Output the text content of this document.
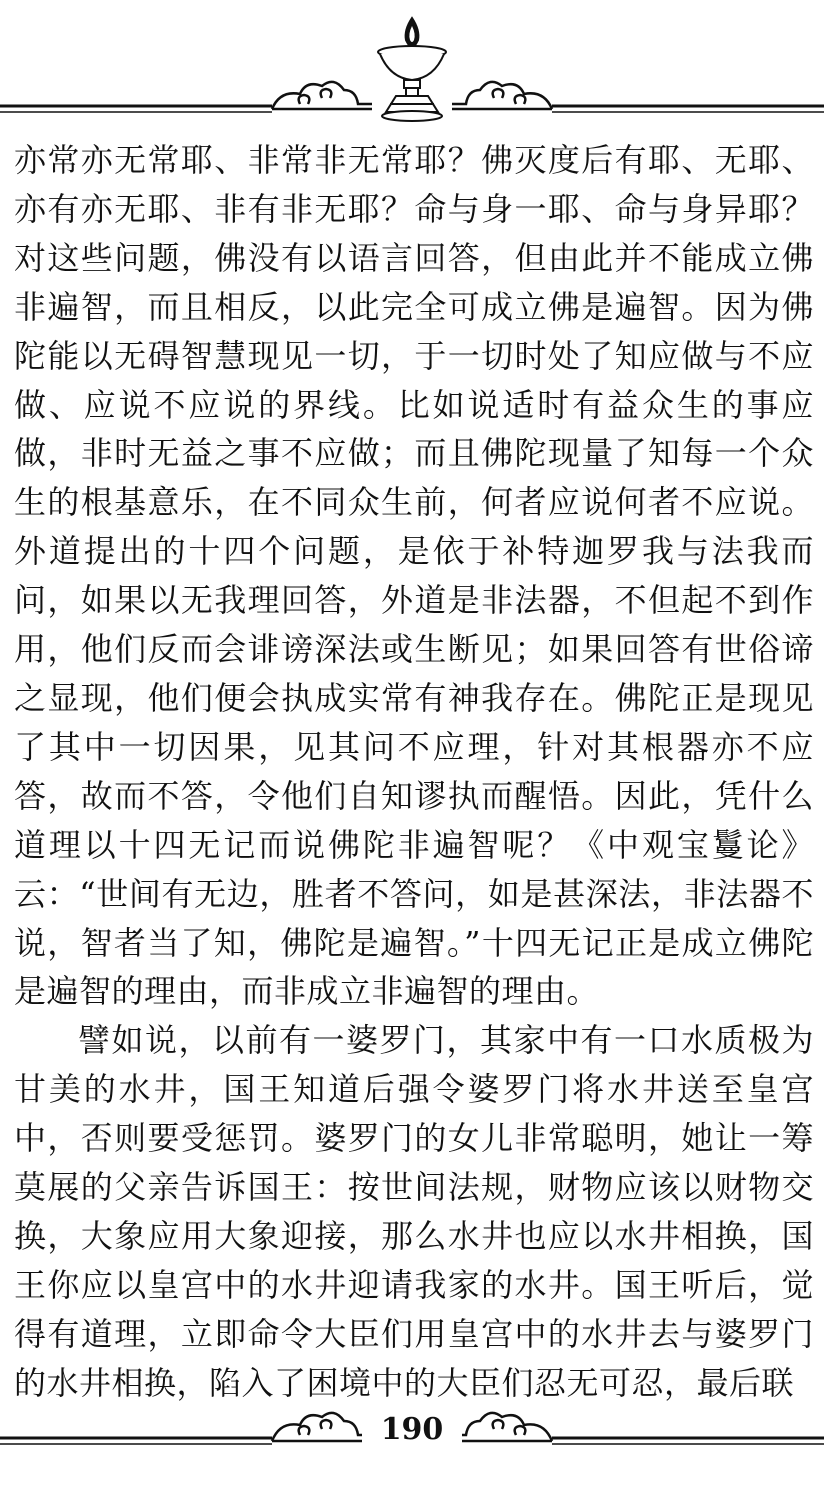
亦常亦无常耶、非常非无常耶？佛灭度后有耶、无耶、亦有亦无耶、非有非无耶？命与身一耶、命与身异耶？对这些问题，佛没有以语言回答，但由此并不能成立佛非遍智，而且相反，以此完全可成立佛是遍智。因为佛陀能以无碍智慧现见一切，于一切时处了知应做与不应做、应说不应说的界线。比如说适时有益众生的事应做，非时无益之事不应做；而且佛陀现量了知每一个众生的根基意乐，在不同众生前，何者应说何者不应说。外道提出的十四个问题，是依于补特迦罗我与法我而问，如果以无我理回答，外道是非法器，不但起不到作用，他们反而会诽谤深法或生断见；如果回答有世俗谛之显现，他们便会执成实常有神我存在。佛陀正是现见了其中一切因果，见其问不应理，针对其根器亦不应答，故而不答，令他们自知谬执而醒悟。因此，凭什么道理以十四无记而说佛陀非遍智呢？《中观宝鬘论》云：“世间有无边，胜者不答问，如是甚深法，非法器不说，智者当了知，佛陀是遍智。”十四无记正是成立佛陀是遍智的理由，而非成立非遍智的理由。

譬如说，以前有一婆罗门，其家中有一口水质极为甘美的水井，国王知道后强令婆罗门将水井送至皇宫中，否则要受惩罚。婆罗门的女儿非常聪明，她让一筹莫展的父亲告诉国王：按世间法规，财物应该以财物交换，大象应用大象迎接，那么水井也应以水井相换，国王你应以皇宫中的水井迎请我家的水井。国王听后，觉得有道理，立即命令大臣们用皇宫中的水井去与婆罗门的水井相换，陷入了困境中的大臣们忍无可忍，最后联

190
